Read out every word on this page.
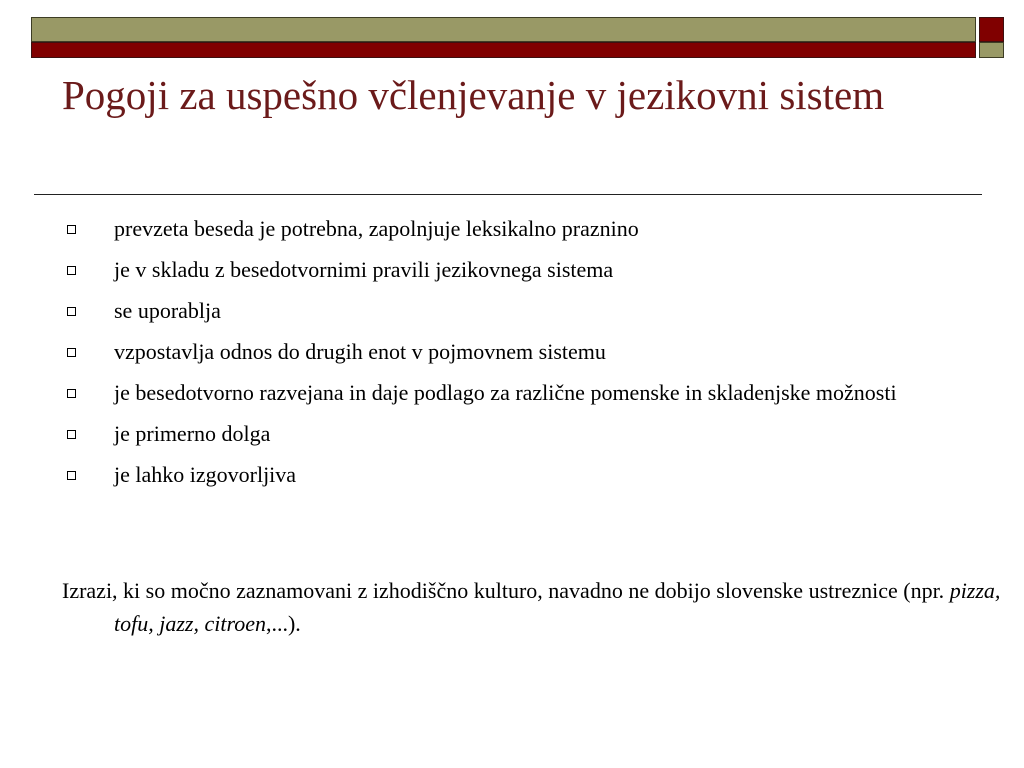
Pogoji za uspešno včlenjevanje v jezikovni sistem
prevzeta beseda je potrebna, zapolnjuje leksikalno praznino
je v skladu z besedotvornimi pravili jezikovnega sistema
se uporablja
vzpostavlja odnos do drugih enot v pojmovnem sistemu
je besedotvorno razvejana in daje podlago za različne pomenske in skladenjske možnosti
je primerno dolga
je lahko izgovorljiva

Izrazi, ki so močno zaznamovani z izhodiščno kulturo, navadno ne dobijo slovenske ustreznice (npr. pizza, tofu, jazz, citroen,...).
